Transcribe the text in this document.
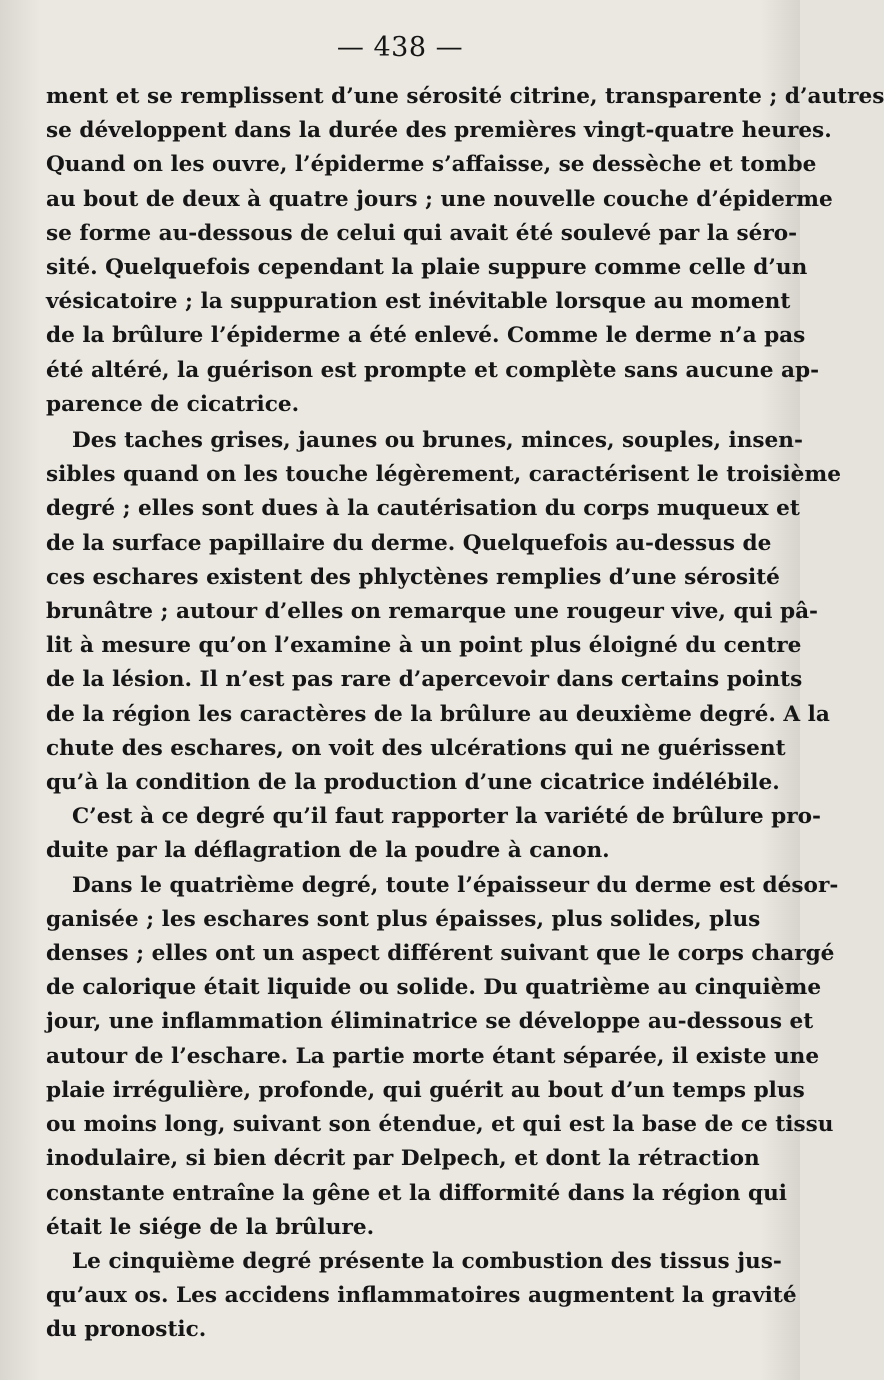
— 438 —
ment et se remplissent d’une sérosité citrine, transparente ; d’autres
se développent dans la durée des premières vingt-quatre heures.
Quand on les ouvre, l’épiderme s’affaisse, se dessèche et tombe
au bout de deux à quatre jours ; une nouvelle couche d’épiderme
se forme au-dessous de celui qui avait été soulevé par la séro-
sité. Quelquefois cependant la plaie suppure comme celle d’un
vésicatoire ; la suppuration est inévitable lorsque au moment
de la brûlure l’épiderme a été enlevé. Comme le derme n’a pas
été altéré, la guérison est prompte et complète sans aucune ap-
parence de cicatrice.
Des taches grises, jaunes ou brunes, minces, souples, insen-
sibles quand on les touche légèrement, caractérisent le troisième
degré ; elles sont dues à la cautérisation du corps muqueux et
de la surface papillaire du derme. Quelquefois au-dessus de
ces eschares existent des phlyctènes remplies d’une sérosité
brunâtre ; autour d’elles on remarque une rougeur vive, qui pâ-
lit à mesure qu’on l’examine à un point plus éloigné du centre
de la lésion. Il n’est pas rare d’apercevoir dans certains points
de la région les caractères de la brûlure au deuxième degré. A la
chute des eschares, on voit des ulcérations qui ne guérissent
qu’à la condition de la production d’une cicatrice indélébile.
C’est à ce degré qu’il faut rapporter la variété de brûlure pro-
duite par la déflagration de la poudre à canon.
Dans le quatrième degré, toute l’épaisseur du derme est désor-
ganisée ; les eschares sont plus épaisses, plus solides, plus
denses ; elles ont un aspect différent suivant que le corps chargé
de calorique était liquide ou solide. Du quatrième au cinquième
jour, une inflammation éliminatrice se développe au-dessous et
autour de l’eschare. La partie morte étant séparée, il existe une
plaie irrégulière, profonde, qui guérit au bout d’un temps plus
ou moins long, suivant son étendue, et qui est la base de ce tissu
inodulaire, si bien décrit par Delpech, et dont la rétraction
constante entraîne la gêne et la difformité dans la région qui
était le siége de la brûlure.
Le cinquième degré présente la combustion des tissus jus-
qu’aux os. Les accidens inflammatoires augmentent la gravité
du pronostic.
